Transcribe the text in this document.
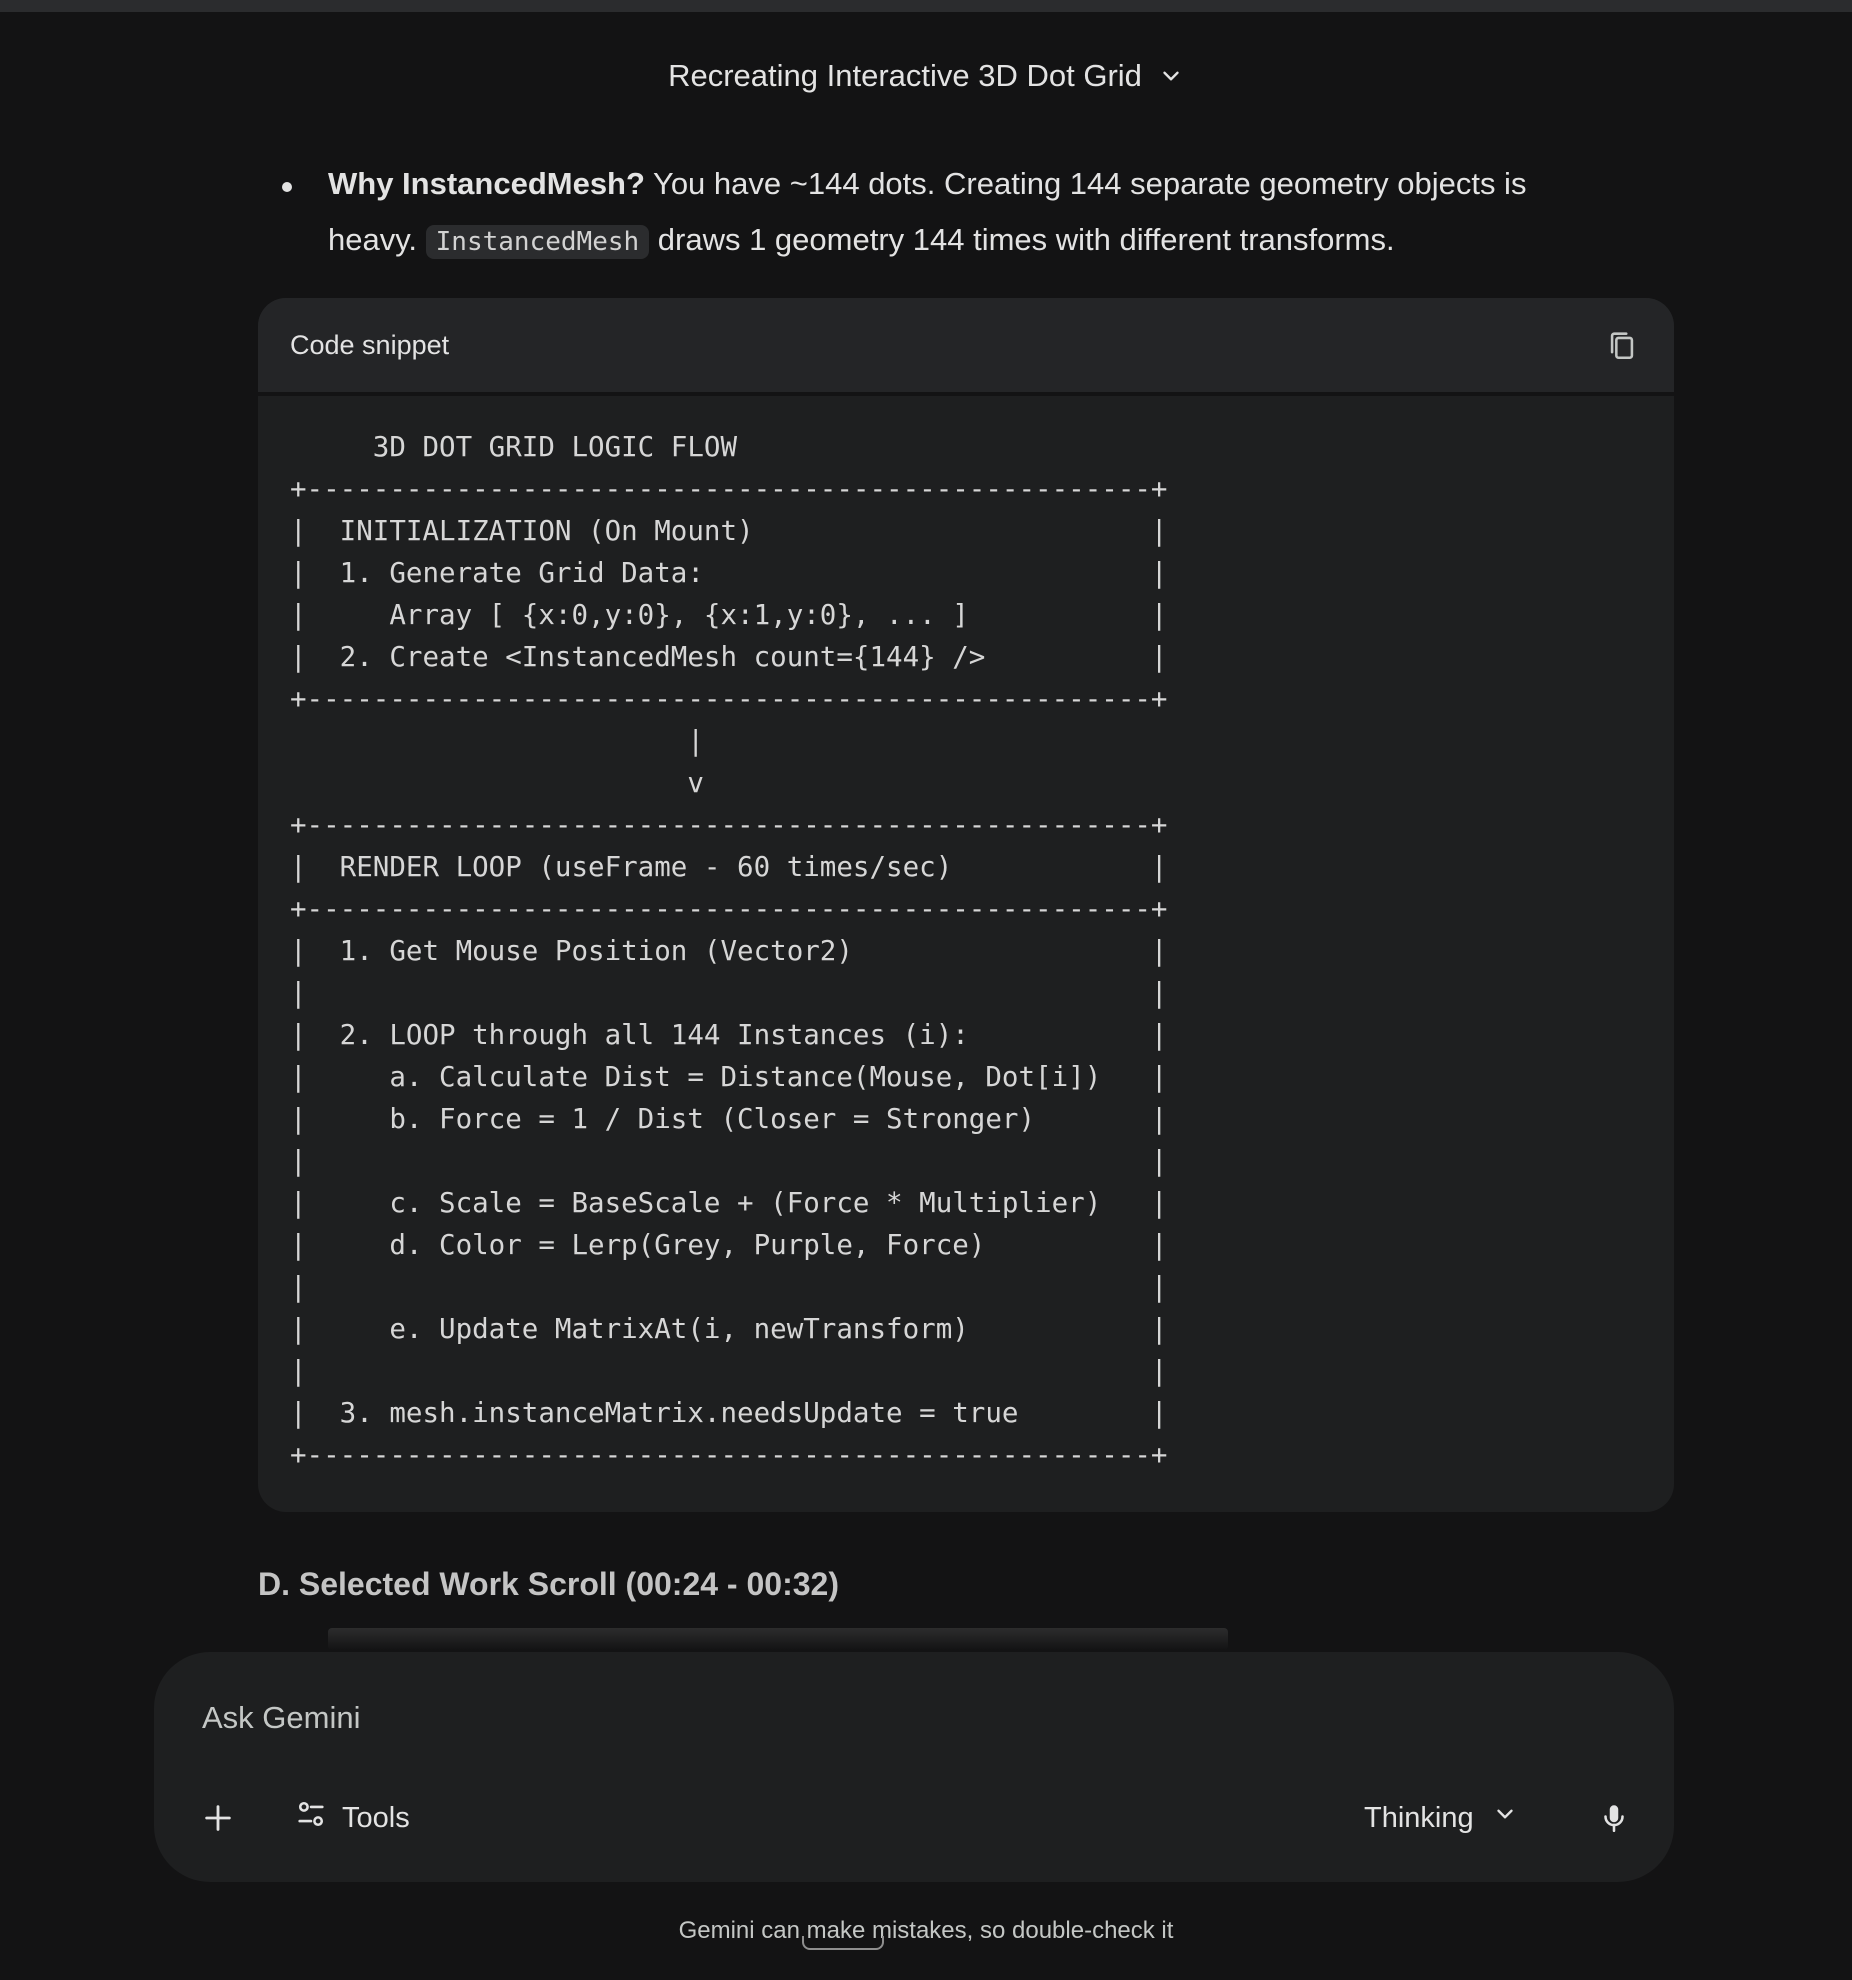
Recreating Interactive 3D Dot Grid
Why InstancedMesh? You have ~144 dots. Creating 144 separate geometry objects is heavy. InstancedMesh draws 1 geometry 144 times with different transforms.
Code snippet
3D DOT GRID LOGIC FLOW
+---------------------------------------------------+
|  INITIALIZATION (On Mount)                        |
|  1. Generate Grid Data:                           |
|     Array [ {x:0,y:0}, {x:1,y:0}, ... ]           |
|  2. Create <InstancedMesh count={144} />          |
+---------------------------------------------------+
|
v
+---------------------------------------------------+
|  RENDER LOOP (useFrame - 60 times/sec)            |
+---------------------------------------------------+
|  1. Get Mouse Position (Vector2)                  |
|                                                   |
|  2. LOOP through all 144 Instances (i):           |
|     a. Calculate Dist = Distance(Mouse, Dot[i])   |
|     b. Force = 1 / Dist (Closer = Stronger)       |
|                                                   |
|     c. Scale = BaseScale + (Force * Multiplier)   |
|     d. Color = Lerp(Grey, Purple, Force)          |
|                                                   |
|     e. Update MatrixAt(i, newTransform)           |
|                                                   |
|  3. mesh.instanceMatrix.needsUpdate = true        |
+---------------------------------------------------+
D. Selected Work Scroll (00:24 - 00:32)
Ask Gemini
Tools	Thinking
Gemini can make mistakes, so double-check it
